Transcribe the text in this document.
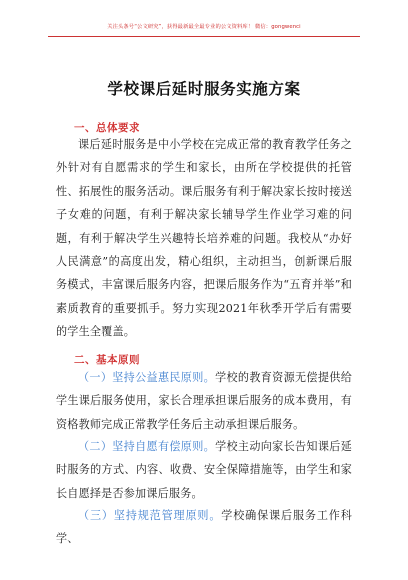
关注头条号“公文研究”，获得最新最全最专业的公文资料库！ 微信：gongwenci
学校课后延时服务实施方案
一、总体要求
课后延时服务是中小学校在完成正常的教育教学任务之外针对有自愿需求的学生和家长，由所在学校提供的托管性、拓展性的服务活动。课后服务有利于解决家长按时接送子女难的问题，有利于解决家长辅导学生作业学习难的问题，有利于解决学生兴趣特长培养难的问题。我校从“办好人民满意”的高度出发，精心组织，主动担当，创新课后服务模式，丰富课后服务内容，把课后服务作为“五育并举”和素质教育的重要抓手。努力实现2021年秋季开学后有需要的学生全覆盖。
二、基本原则
（一）坚持公益惠民原则。学校的教育资源无偿提供给学生课后服务使用，家长合理承担课后服务的成本费用，有资格教师完成正常教学任务后主动承担课后服务。
（二）坚持自愿有偿原则。学校主动向家长告知课后延时服务的方式、内容、收费、安全保障措施等，由学生和家长自愿择是否参加课后服务。
（三）坚持规范管理原则。学校确保课后服务工作科学、
